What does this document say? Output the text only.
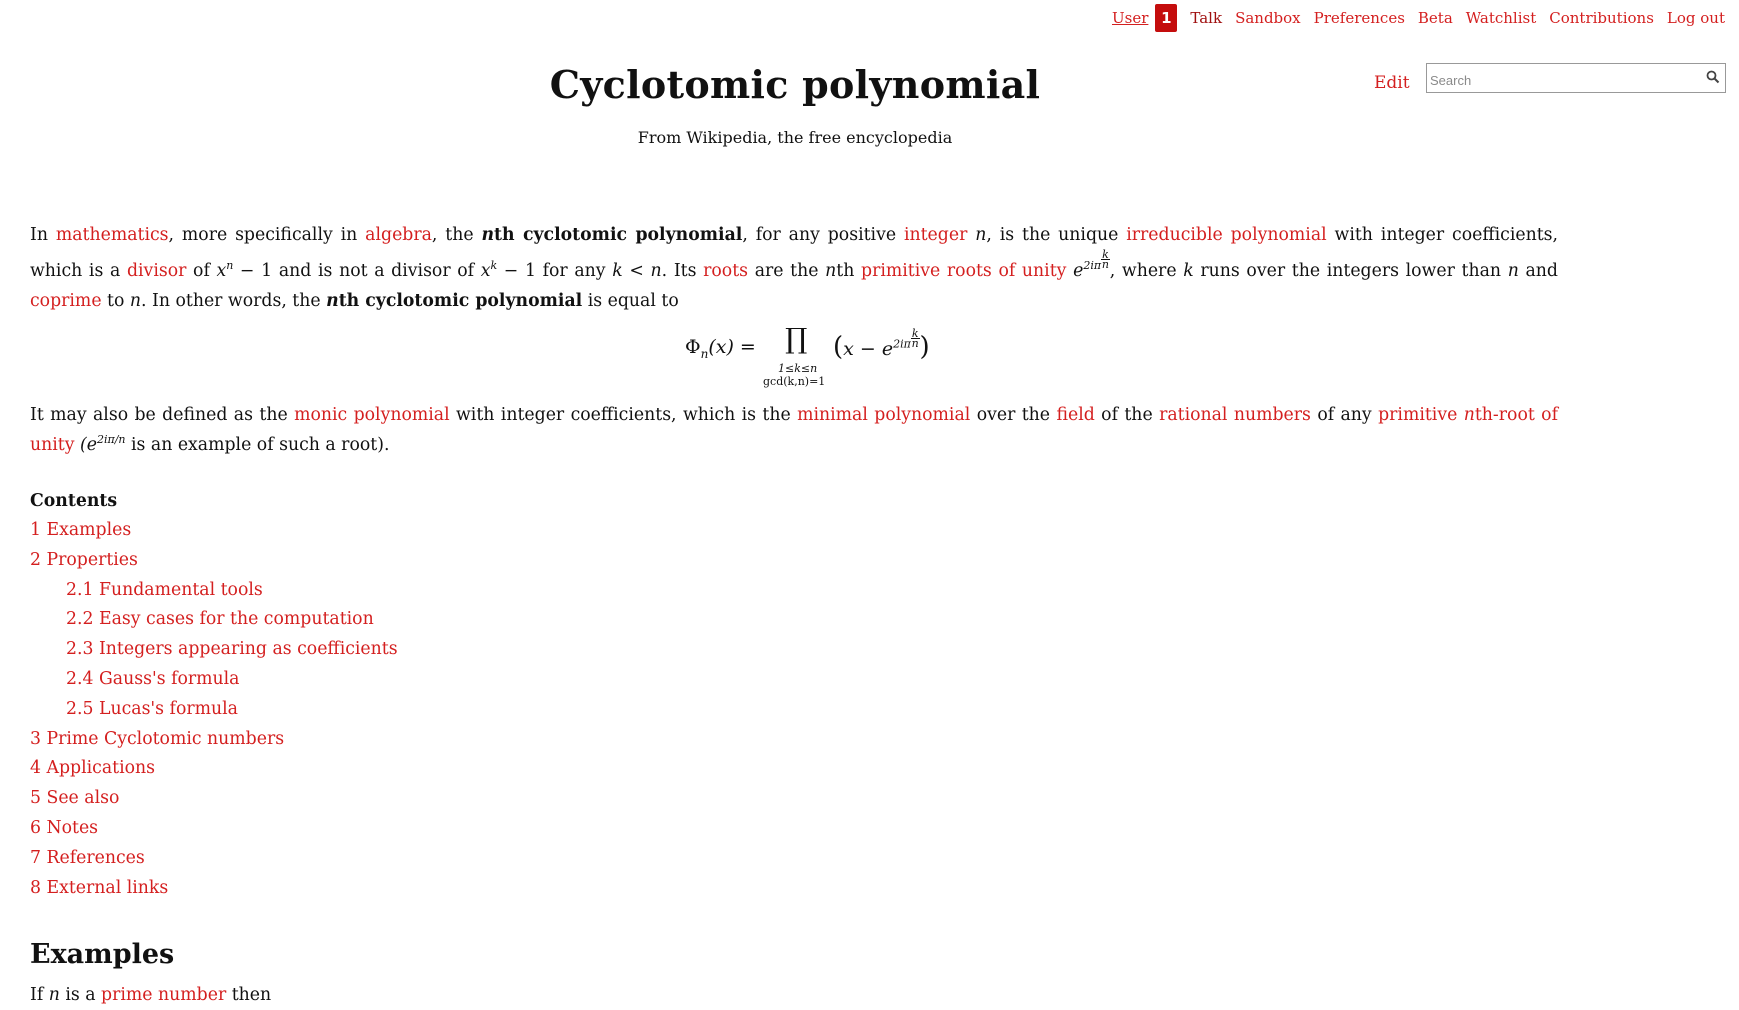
User 1	Talk Sandbox Preferences Beta Watchlist Contributions Log out
Cyclotomic polynomial
From Wikipedia, the free encyclopedia
Edit
Search

In mathematics, more specifically in algebra, the nth cyclotomic polynomial, for any positive integer n, is the unique irreducible polynomial with integer coefficients, which is a divisor of $x^n - 1$ and is not a divisor of $x^k - 1$ for any k < n. Its roots are the nth primitive roots of unity $e^{2i\pi} \frac{k}{n}$
, where k runs over the integers lower than n and coprime to n. In other words, the nth cyclotomic polynomial is equal to

$\Phi_n(x)$ = ∏
1≤k≤n
gcd(k,n)=1
($x - e^{2i\pi} \frac{k}{n}$ )

It may also be defined as the monic polynomial with integer coefficients, which is the minimal polynomial over the field of the rational numbers of any primitive nth-root of unity ($e^{2i\pi/n}$ is an example of such a root).

Contents
1 Examples
2 Properties
2.1 Fundamental tools
2.2 Easy cases for the computation
2.3 Integers appearing as coefficients
2.4 Gauss's formula
2.5 Lucas's formula
3 Prime Cyclotomic numbers
4 Applications
5 See also
6 Notes
7 References
8 External links
Examples

If n is a prime number then
